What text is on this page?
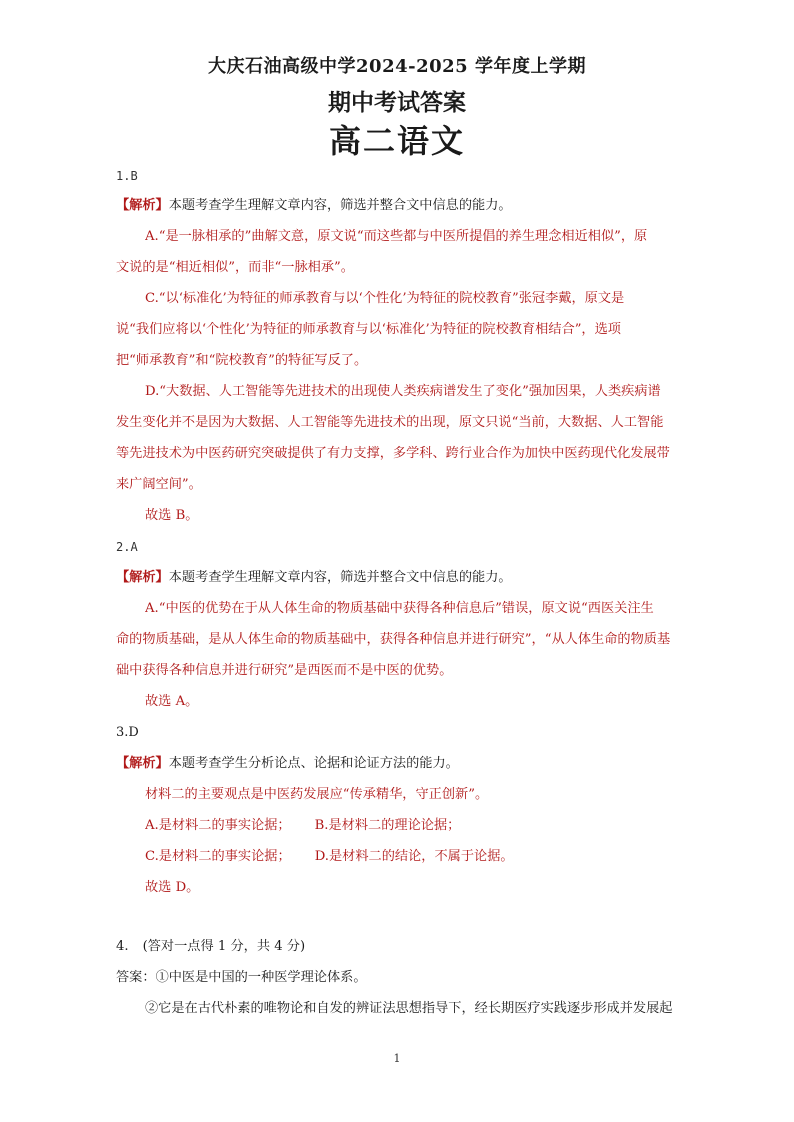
大庆石油高级中学2024-2025 学年度上学期
期中考试答案
高二语文
1.B
【解析】本题考查学生理解文章内容，筛选并整合文中信息的能力。
A.“是一脉相承的”曲解文意，原文说“而这些都与中医所提倡的养生理念相近相似”，原
文说的是“相近相似”，而非“一脉相承”。
C.“以‘标准化’为特征的师承教育与以‘个性化’为特征的院校教育”张冠李戴，原文是
说“我们应将以‘个性化’为特征的师承教育与以‘标准化’为特征的院校教育相结合”，选项
把“师承教育”和“院校教育”的特征写反了。
D.“大数据、人工智能等先进技术的出现使人类疾病谱发生了变化”强加因果，人类疾病谱
发生变化并不是因为大数据、人工智能等先进技术的出现，原文只说“当前，大数据、人工智能
等先进技术为中医药研究突破提供了有力支撑，多学科、跨行业合作为加快中医药现代化发展带
来广阔空间”。
故选 B。
2.A
【解析】本题考查学生理解文章内容，筛选并整合文中信息的能力。
A.“中医的优势在于从人体生命的物质基础中获得各种信息后”错误，原文说“西医关注生
命的物质基础，是从人体生命的物质基础中，获得各种信息并进行研究”，“从人体生命的物质基
础中获得各种信息并进行研究”是西医而不是中医的优势。
故选 A。
3.D
【解析】本题考查学生分析论点、论据和论证方法的能力。
材料二的主要观点是中医药发展应“传承精华，守正创新”。
A.是材料二的事实论据； B.是材料二的理论论据；
C.是材料二的事实论据； D.是材料二的结论，不属于论据。
故选 D。
4. (答对一点得 1 分，共 4 分)
答案：①中医是中国的一种医学理论体系。
②它是在古代朴素的唯物论和自发的辨证法思想指导下，经长期医疗实践逐步形成并发展起
1
